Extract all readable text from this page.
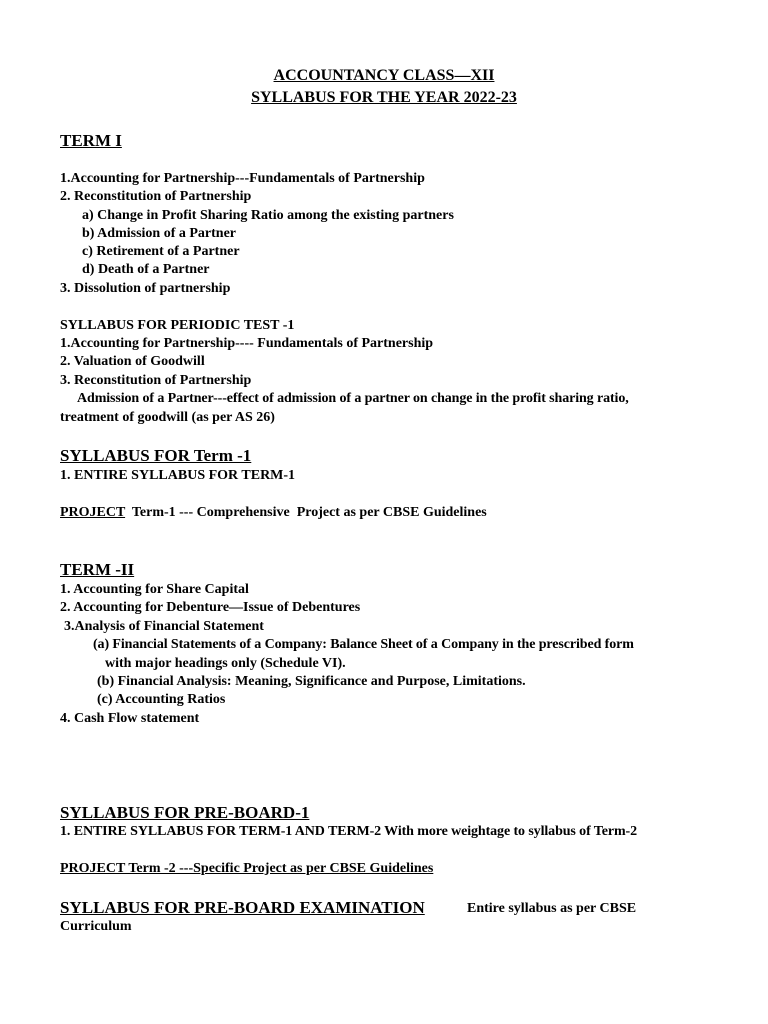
ACCOUNTANCY CLASS—XII
SYLLABUS FOR THE YEAR 2022-23
TERM I
1.Accounting for Partnership---Fundamentals of Partnership
2. Reconstitution of Partnership
a) Change in Profit Sharing Ratio among the existing partners
b) Admission of a Partner
c) Retirement of a Partner
d) Death of a Partner
3. Dissolution of partnership
SYLLABUS FOR PERIODIC TEST -1
1.Accounting for Partnership---- Fundamentals of Partnership
2. Valuation of Goodwill
3. Reconstitution of Partnership
Admission of a Partner---effect of admission of a partner on change in the profit sharing ratio,
treatment of goodwill (as per AS 26)
SYLLABUS FOR Term -1
1. ENTIRE SYLLABUS FOR TERM-1
PROJECT  Term-1 --- Comprehensive  Project as per CBSE Guidelines
TERM -II
1. Accounting for Share Capital
2. Accounting for Debenture—Issue of Debentures
3.Analysis of Financial Statement
(a) Financial Statements of a Company: Balance Sheet of a Company in the prescribed form
with major headings only (Schedule VI).
(b) Financial Analysis: Meaning, Significance and Purpose, Limitations.
(c) Accounting Ratios
4. Cash Flow statement
SYLLABUS FOR PRE-BOARD-1
1. ENTIRE SYLLABUS FOR TERM-1 AND TERM-2 With more weightage to syllabus of Term-2
PROJECT Term -2 ---Specific Project as per CBSE Guidelines
SYLLABUS FOR PRE-BOARD EXAMINATION	Entire syllabus as per CBSE
Curriculum
